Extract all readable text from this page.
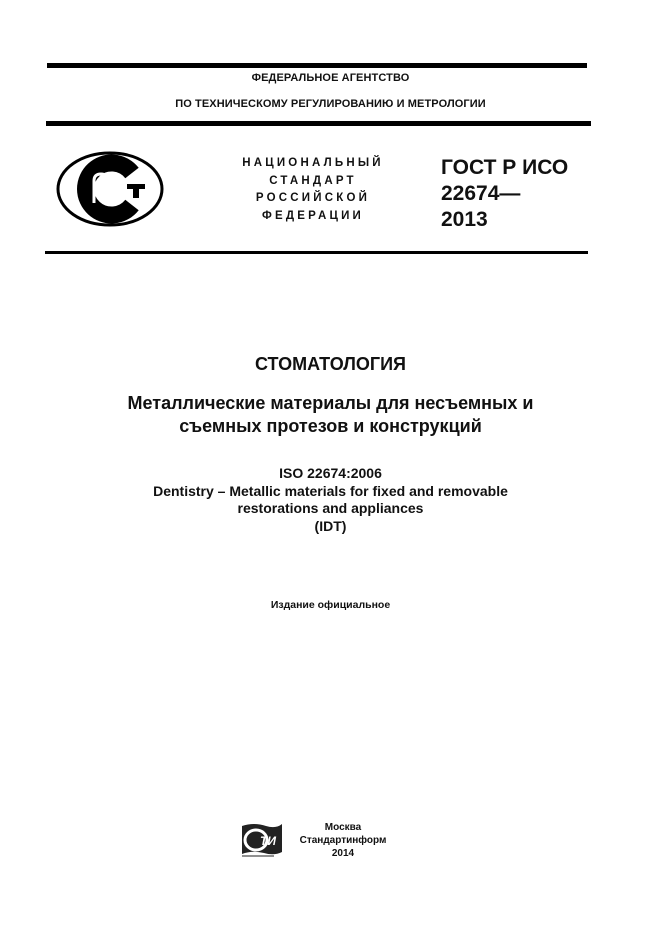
ФЕДЕРАЛЬНОЕ АГЕНТСТВО
ПО ТЕХНИЧЕСКОМУ РЕГУЛИРОВАНИЮ И МЕТРОЛОГИИ
НАЦИОНАЛЬНЫЙ
СТАНДАРТ
РОССИЙСКОЙ
ФЕДЕРАЦИИ
ГОСТ Р ИСО
22674—
2013
СТОМАТОЛОГИЯ
Металлические материалы для несъемных и
съемных протезов и конструкций
ISO 22674:2006
Dentistry – Metallic materials for fixed and removable
restorations and appliances
(IDT)
Издание официальное
ТИ
Москва
Стандартинформ
2014
